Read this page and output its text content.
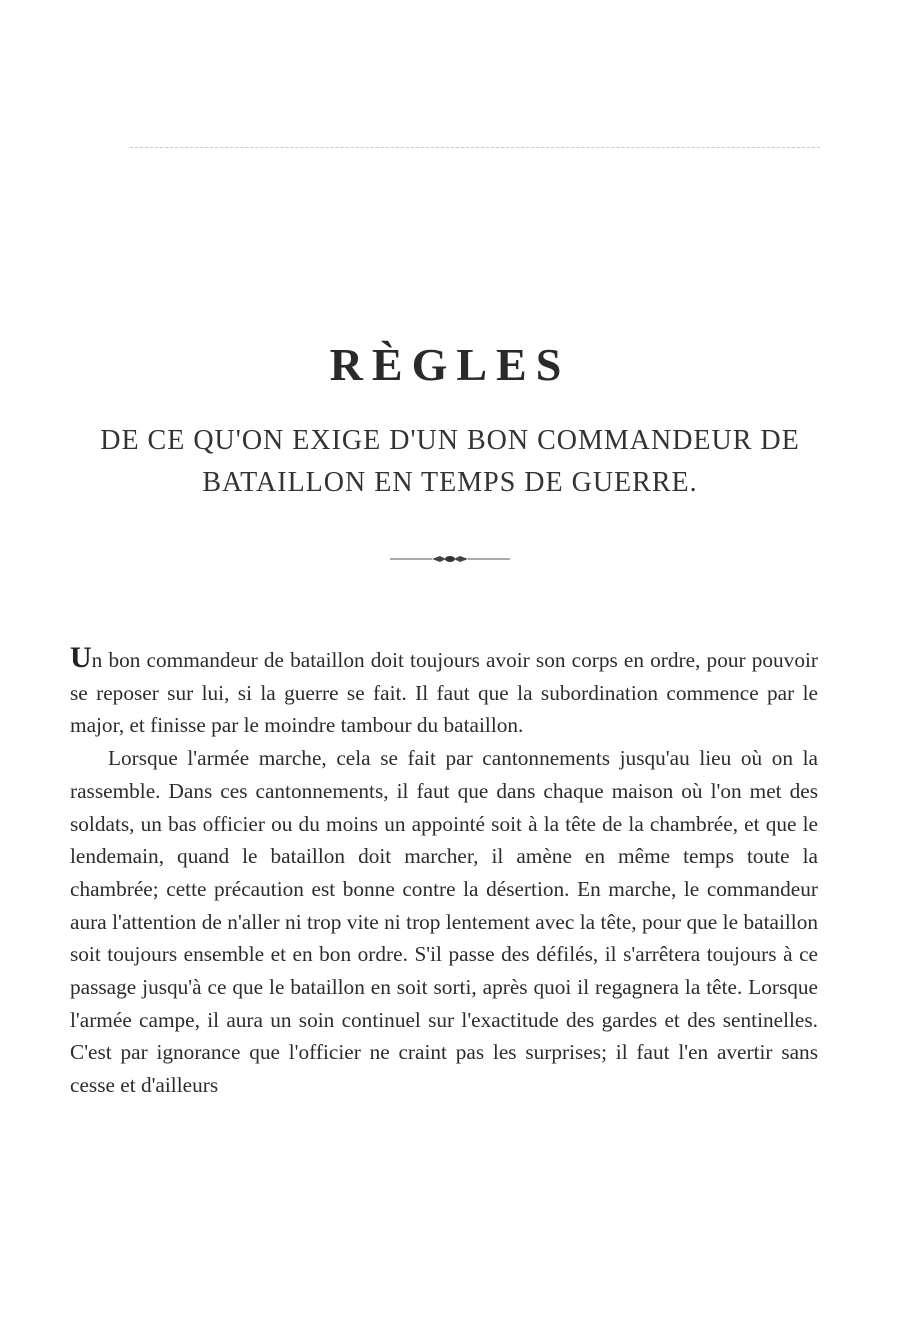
RÈGLES
DE CE QU'ON EXIGE D'UN BON COMMANDEUR DE
BATAILLON EN TEMPS DE GUERRE.

Un bon commandeur de bataillon doit toujours avoir son corps en ordre, pour pouvoir se reposer sur lui, si la guerre se fait. Il faut que la subordination commence par le major, et finisse par le moindre tambour du bataillon.

Lorsque l'armée marche, cela se fait par cantonnements jusqu'au lieu où on la rassemble. Dans ces cantonnements, il faut que dans chaque maison où l'on met des soldats, un bas officier ou du moins un appointé soit à la tête de la chambrée, et que le lendemain, quand le bataillon doit marcher, il amène en même temps toute la chambrée; cette précaution est bonne contre la désertion. En marche, le commandeur aura l'attention de n'aller ni trop vite ni trop lentement avec la tête, pour que le bataillon soit toujours ensemble et en bon ordre. S'il passe des défilés, il s'arrêtera toujours à ce passage jusqu'à ce que le bataillon en soit sorti, après quoi il regagnera la tête. Lorsque l'armée campe, il aura un soin continuel sur l'exactitude des gardes et des sentinelles. C'est par ignorance que l'officier ne craint pas les surprises; il faut l'en avertir sans cesse et d'ailleurs
